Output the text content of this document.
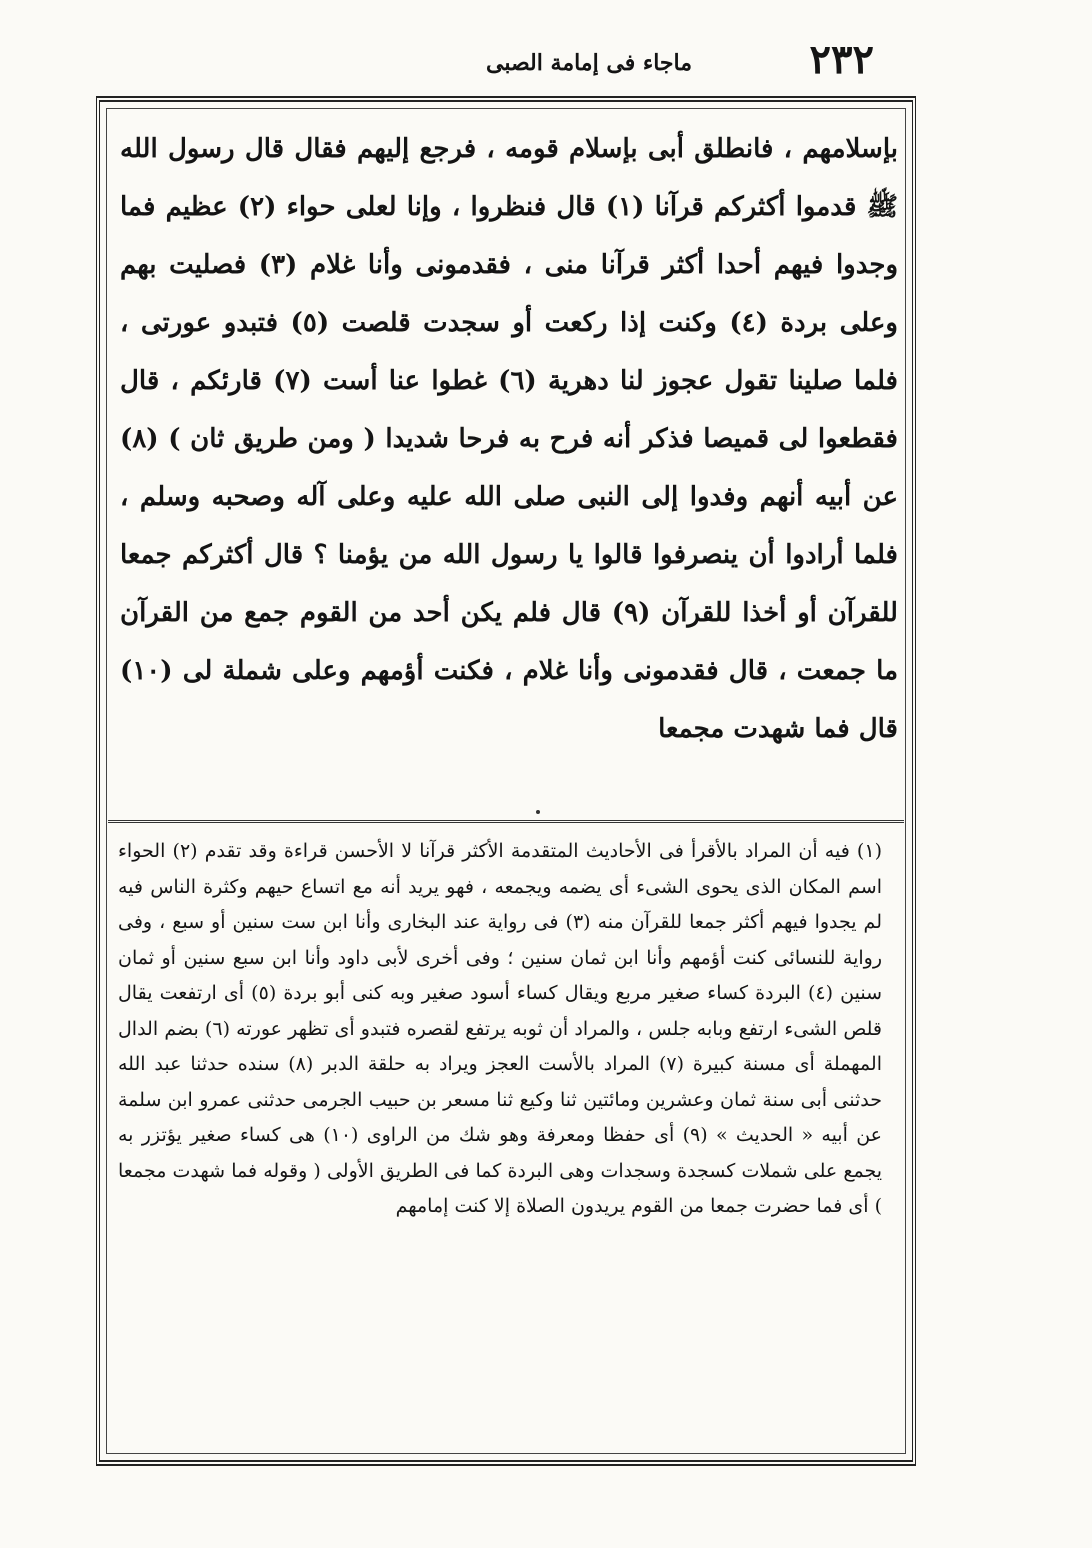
٢٣٢
ماجاء فى إمامة الصبى
بإسلامهم ، فانطلق أبى بإسلام قومه ، فرجع إليهم فقال قال رسول الله ﷺ قدموا أكثركم قرآنا (١) قال فنظروا ، وإنا لعلى حواء (٢) عظيم فما وجدوا فيهم أحدا أكثر قرآنا منى ، فقدمونى وأنا غلام (٣) فصليت بهم وعلى بردة (٤) وكنت إذا ركعت أو سجدت قلصت (٥) فتبدو عورتى ، فلما صلينا تقول عجوز لنا دهرية (٦) غطوا عنا أست (٧) قارئكم ، قال فقطعوا لى قميصا فذكر أنه فرح به فرحا شديدا ( ومن طريق ثان ) (٨) عن أبيه أنهم وفدوا إلى النبى صلى الله عليه وعلى آله وصحبه وسلم ، فلما أرادوا أن ينصرفوا قالوا يا رسول الله من يؤمنا ؟ قال أكثركم جمعا للقرآن أو أخذا للقرآن (٩) قال فلم يكن أحد من القوم جمع من القرآن ما جمعت ، قال فقدمونى وأنا غلام ، فكنت أؤمهم وعلى شملة لى (١٠) قال فما شهدت مجمعا
(١) فيه أن المراد بالأقرأ فى الأحاديث المتقدمة الأكثر قرآنا لا الأحسن قراءة وقد تقدم (٢) الحواء اسم المكان الذى يحوى الشىء أى يضمه ويجمعه ، فهو يريد أنه مع اتساع حيهم وكثرة الناس فيه لم يجدوا فيهم أكثر جمعا للقرآن منه (٣) فى رواية عند البخارى وأنا ابن ست سنين أو سبع ، وفى رواية للنسائى كنت أؤمهم وأنا ابن ثمان سنين ؛ وفى أخرى لأبى داود وأنا ابن سبع سنين أو ثمان سنين (٤) البردة كساء صغير مربع ويقال كساء أسود صغير وبه كنى أبو بردة (٥) أى ارتفعت يقال قلص الشىء ارتفع وبابه جلس ، والمراد أن ثوبه يرتفع لقصره فتبدو أى تظهر عورته (٦) بضم الدال المهملة أى مسنة كبيرة (٧) المراد بالأست العجز ويراد به حلقة الدبر (٨) سنده حدثنا عبد الله حدثنى أبى سنة ثمان وعشرين ومائتين ثنا وكيع ثنا مسعر بن حبيب الجرمى حدثنى عمرو ابن سلمة عن أبيه « الحديث » (٩) أى حفظا ومعرفة وهو شك من الراوى (١٠) هى كساء صغير يؤتزر به يجمع على شملات كسجدة وسجدات وهى البردة كما فى الطريق الأولى ( وقوله فما شهدت مجمعا ) أى فما حضرت جمعا من القوم يريدون الصلاة إلا كنت إمامهم
